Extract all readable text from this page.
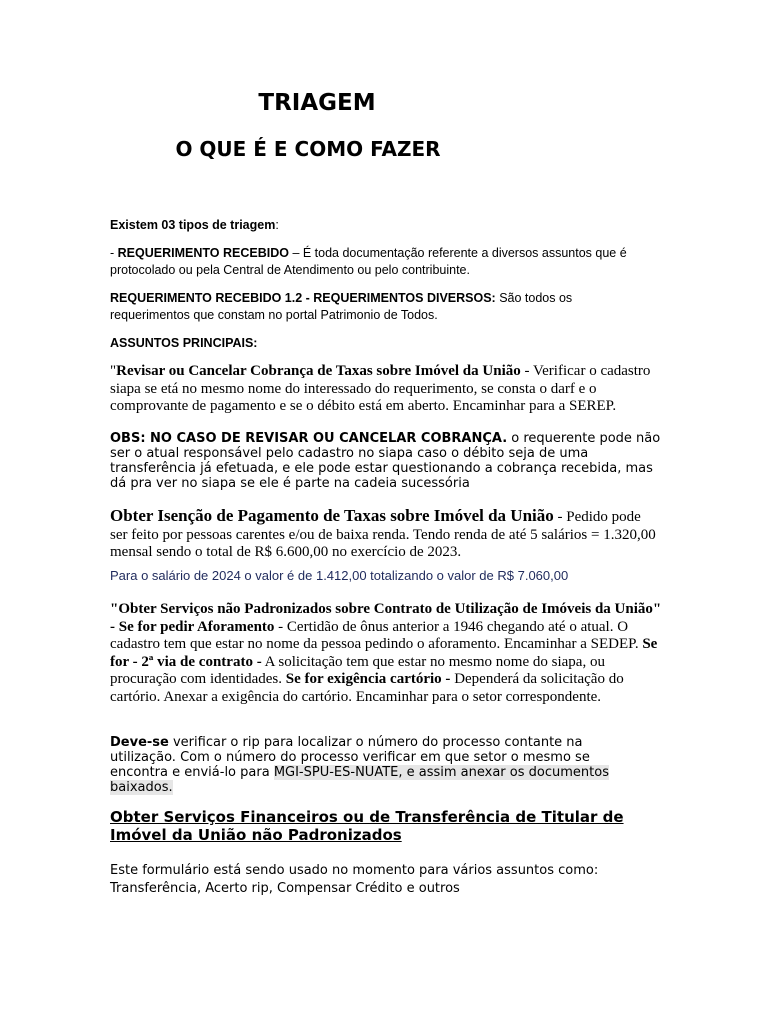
TRIAGEM
O QUE É E COMO FAZER

Existem 03 tipos de triagem:

- REQUERIMENTO RECEBIDO – É toda documentação referente a diversos assuntos que é protocolado ou pela Central de Atendimento ou pelo contribuinte.

REQUERIMENTO RECEBIDO 1.2 - REQUERIMENTOS DIVERSOS: São todos os requerimentos que constam no portal Patrimonio de Todos.

ASSUNTOS PRINCIPAIS:

"Revisar ou Cancelar Cobrança de Taxas sobre Imóvel da União - Verificar o cadastro siapa se etá no mesmo nome do interessado do requerimento, se consta o darf e o comprovante de pagamento e se o débito está em aberto. Encaminhar para a SEREP.

OBS: NO CASO DE REVISAR OU CANCELAR COBRANÇA. o requerente pode não ser o atual responsável pelo cadastro no siapa caso o débito seja de uma transferência já efetuada, e ele pode estar questionando a cobrança recebida, mas dá pra ver no siapa se ele é parte na cadeia sucessória

Obter Isenção de Pagamento de Taxas sobre Imóvel da União - Pedido pode ser feito por pessoas carentes e/ou de baixa renda. Tendo renda de até 5 salários = 1.320,00 mensal sendo o total de R$ 6.600,00 no exercício de 2023.

Para o salário de 2024 o valor é de 1.412,00 totalizando o valor de R$ 7.060,00

"Obter Serviços não Padronizados sobre Contrato de Utilização de Imóveis da União" - Se for pedir Aforamento - Certidão de ônus anterior a 1946 chegando até o atual. O cadastro tem que estar no nome da pessoa pedindo o aforamento. Encaminhar a SEDEP. Se for - 2ª via de contrato - A solicitação tem que estar no mesmo nome do siapa, ou procuração com identidades. Se for exigência cartório - Dependerá da solicitação do cartório. Anexar a exigência do cartório. Encaminhar para o setor correspondente.

Deve-se verificar o rip para localizar o número do processo contante na utilização. Com o número do processo verificar em que setor o mesmo se encontra e enviá-lo para MGI-SPU-ES-NUATE, e assim anexar os documentos baixados.

Obter Serviços Financeiros ou de Transferência de Titular de Imóvel da União não Padronizados

Este formulário está sendo usado no momento para vários assuntos como: Transferência, Acerto rip, Compensar Crédito e outros
